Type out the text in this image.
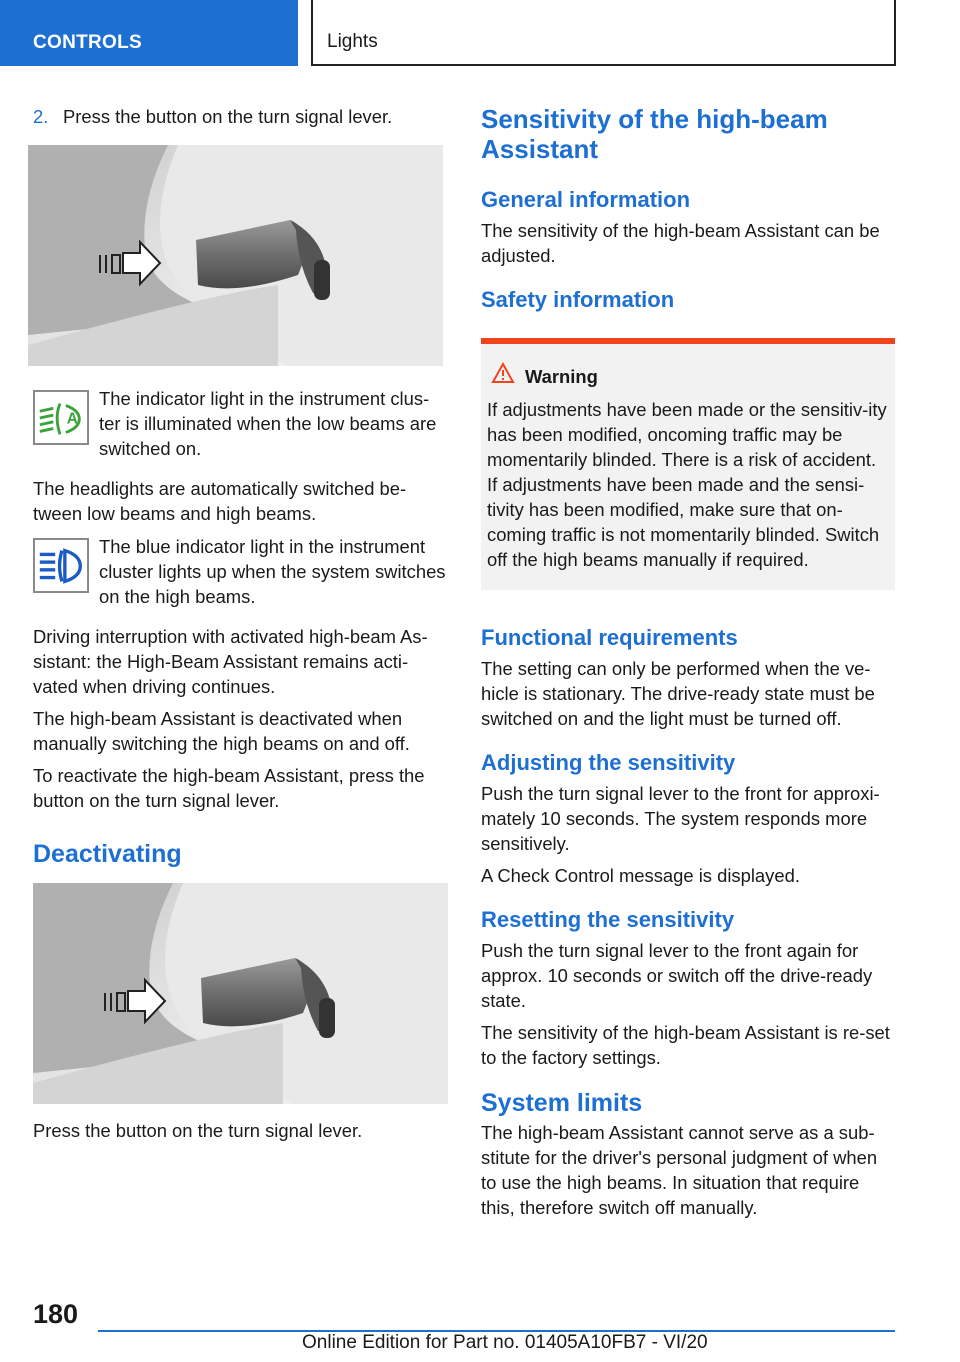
CONTROLS	Lights
2. Press the button on the turn signal lever.
A

The indicator light in the instrument clus-ter is illuminated when the low beams are switched on.

The headlights are automatically switched be-tween low beams and high beams.

The blue indicator light in the instrument cluster lights up when the system switches on the high beams.

Driving interruption with activated high-beam As-sistant: the High-Beam Assistant remains acti-vated when driving continues.

The high-beam Assistant is deactivated when manually switching the high beams on and off.

To reactivate the high-beam Assistant, press the button on the turn signal lever.

Deactivating

Press the button on the turn signal lever.

Sensitivity of the high-beam Assistant
General information

The sensitivity of the high-beam Assistant can be adjusted.

Safety information
Warning

If adjustments have been made or the sensitiv-ity has been modified, oncoming traffic may be momentarily blinded. There is a risk of accident. If adjustments have been made and the sensi-tivity has been modified, make sure that on-coming traffic is not momentarily blinded. Switch off the high beams manually if required.

Functional requirements

The setting can only be performed when the ve-hicle is stationary. The drive-ready state must be switched on and the light must be turned off.

Adjusting the sensitivity

Push the turn signal lever to the front for approxi-mately 10 seconds. The system responds more sensitively.

A Check Control message is displayed.

Resetting the sensitivity

Push the turn signal lever to the front again for approx. 10 seconds or switch off the drive-ready state.

The sensitivity of the high-beam Assistant is re-set to the factory settings.

System limits

The high-beam Assistant cannot serve as a sub-stitute for the driver's personal judgment of when to use the high beams. In situation that require this, therefore switch off manually.

180
Online Edition for Part no. 01405A10FB7 - VI/20
